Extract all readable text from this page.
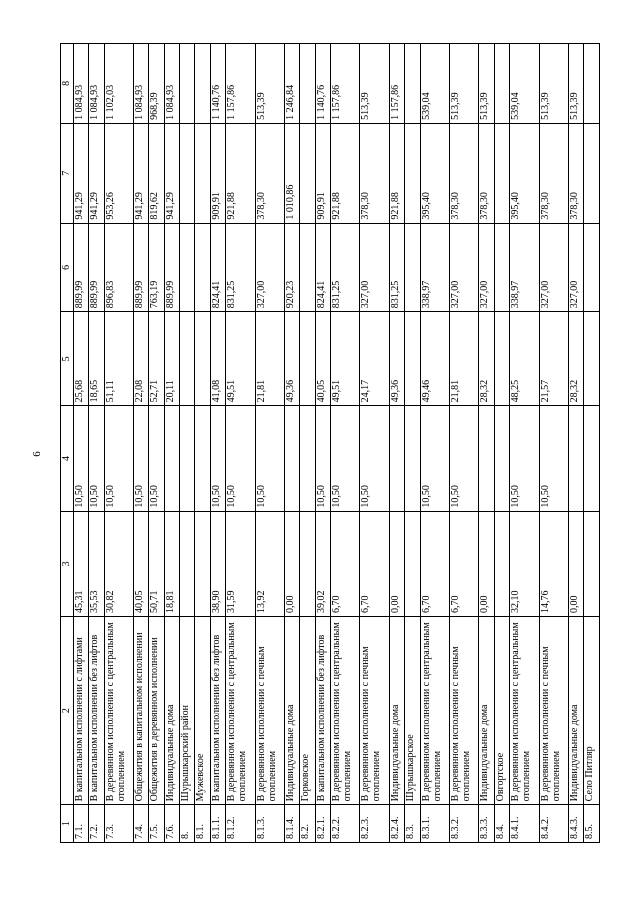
6
1	2	3	4	5	6	7	8
7.1.	В капитальном исполнении с лифтами	45,31	10,50	25,68	889,99	941,29	1 084,93
7.2.	В капитальном исполнении без лифтов	35,53	10,50	18,65	889,99	941,29	1 084,93
7.3.	В деревянном исполнении с центральным отоплением	30,82	10,50	51,11	896,83	953,26	1 102,03
7.4.	Общежития в капитальном исполнении	40,05	10,50	22,08	889,99	941,29	1 084,93
7.5.	Общежития в деревянном исполнении	50,71	10,50	52,71	763,19	819,62	968,39
7.6.	Индивидуальные дома	18,81		20,11	889,99	941,29	1 084,93
8.	Шурышкарский район						
8.1.	Мужевское						
8.1.1.	В капитальном исполнении без лифтов	38,90	10,50	41,08	824,41	909,91	1 140,76
8.1.2.	В деревянном исполнении с центральным отоплением	31,59	10,50	49,51	831,25	921,88	1 157,86
8.1.3.	В деревянном исполнении с печным отоплением	13,92	10,50	21,81	327,00	378,30	513,39
8.1.4.	Индивидуальные дома	0,00		49,36	920,23	1 010,86	1 246,84
8.2.	Горковское						
8.2.1.	В капитальном исполнении без лифтов	39,02	10,50	40,05	824,41	909,91	1 140,76
8.2.2.	В деревянном исполнении с центральным отоплением	6,70	10,50	49,51	831,25	921,88	1 157,86
8.2.3.	В деревянном исполнении с печным отоплением	6,70	10,50	24,17	327,00	378,30	513,39
8.2.4.	Индивидуальные дома	0,00		49,36	831,25	921,88	1 157,86
8.3.	Шурышкарское						
8.3.1.	В деревянном исполнении с центральным отоплением	6,70	10,50	49,46	338,97	395,40	539,04
8.3.2.	В деревянном исполнении с печным отоплением	6,70	10,50	21,81	327,00	378,30	513,39
8.3.3.	Индивидуальные дома	0,00		28,32	327,00	378,30	513,39
8.4.	Овгортское						
8.4.1.	В деревянном исполнении с центральным отоплением	32,10	10,50	48,25	338,97	395,40	539,04
8.4.2.	В деревянном исполнении с печным отоплением	14,76	10,50	21,57	327,00	378,30	513,39
8.4.3.	Индивидуальные дома	0,00		28,32	327,00	378,30	513,39
8.5.	Село Питляр						
